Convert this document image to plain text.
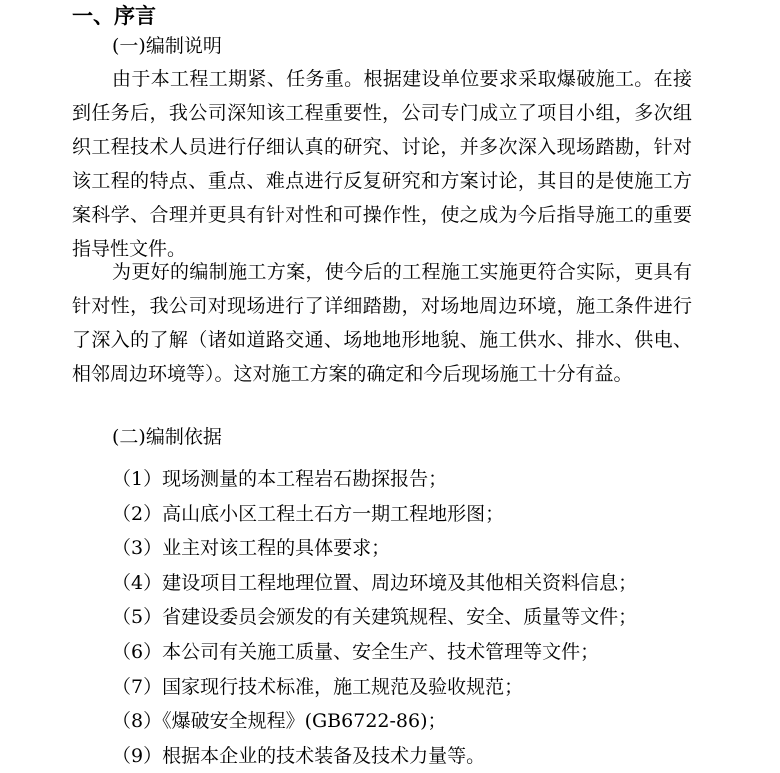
一、序言
(一)编制说明

由于本工程工期紧、任务重。根据建设单位要求采取爆破施工。在接到任务后，我公司深知该工程重要性，公司专门成立了项目小组，多次组织工程技术人员进行仔细认真的研究、讨论，并多次深入现场踏勘，针对该工程的特点、重点、难点进行反复研究和方案讨论，其目的是使施工方案科学、合理并更具有针对性和可操作性，使之成为今后指导施工的重要指导性文件。

为更好的编制施工方案，使今后的工程施工实施更符合实际，更具有针对性，我公司对现场进行了详细踏勘，对场地周边环境，施工条件进行了深入的了解（诸如道路交通、场地地形地貌、施工供水、排水、供电、相邻周边环境等）。这对施工方案的确定和今后现场施工十分有益。

(二)编制依据
（1）现场测量的本工程岩石勘探报告；
（2）高山底小区工程土石方一期工程地形图；
（3）业主对该工程的具体要求；
（4）建设项目工程地理位置、周边环境及其他相关资料信息；
（5）省建设委员会颁发的有关建筑规程、安全、质量等文件；
（6）本公司有关施工质量、安全生产、技术管理等文件；
（7）国家现行技术标准，施工规范及验收规范；
（8）《爆破安全规程》(GB6722-86)；
（9）根据本企业的技术装备及技术力量等。
